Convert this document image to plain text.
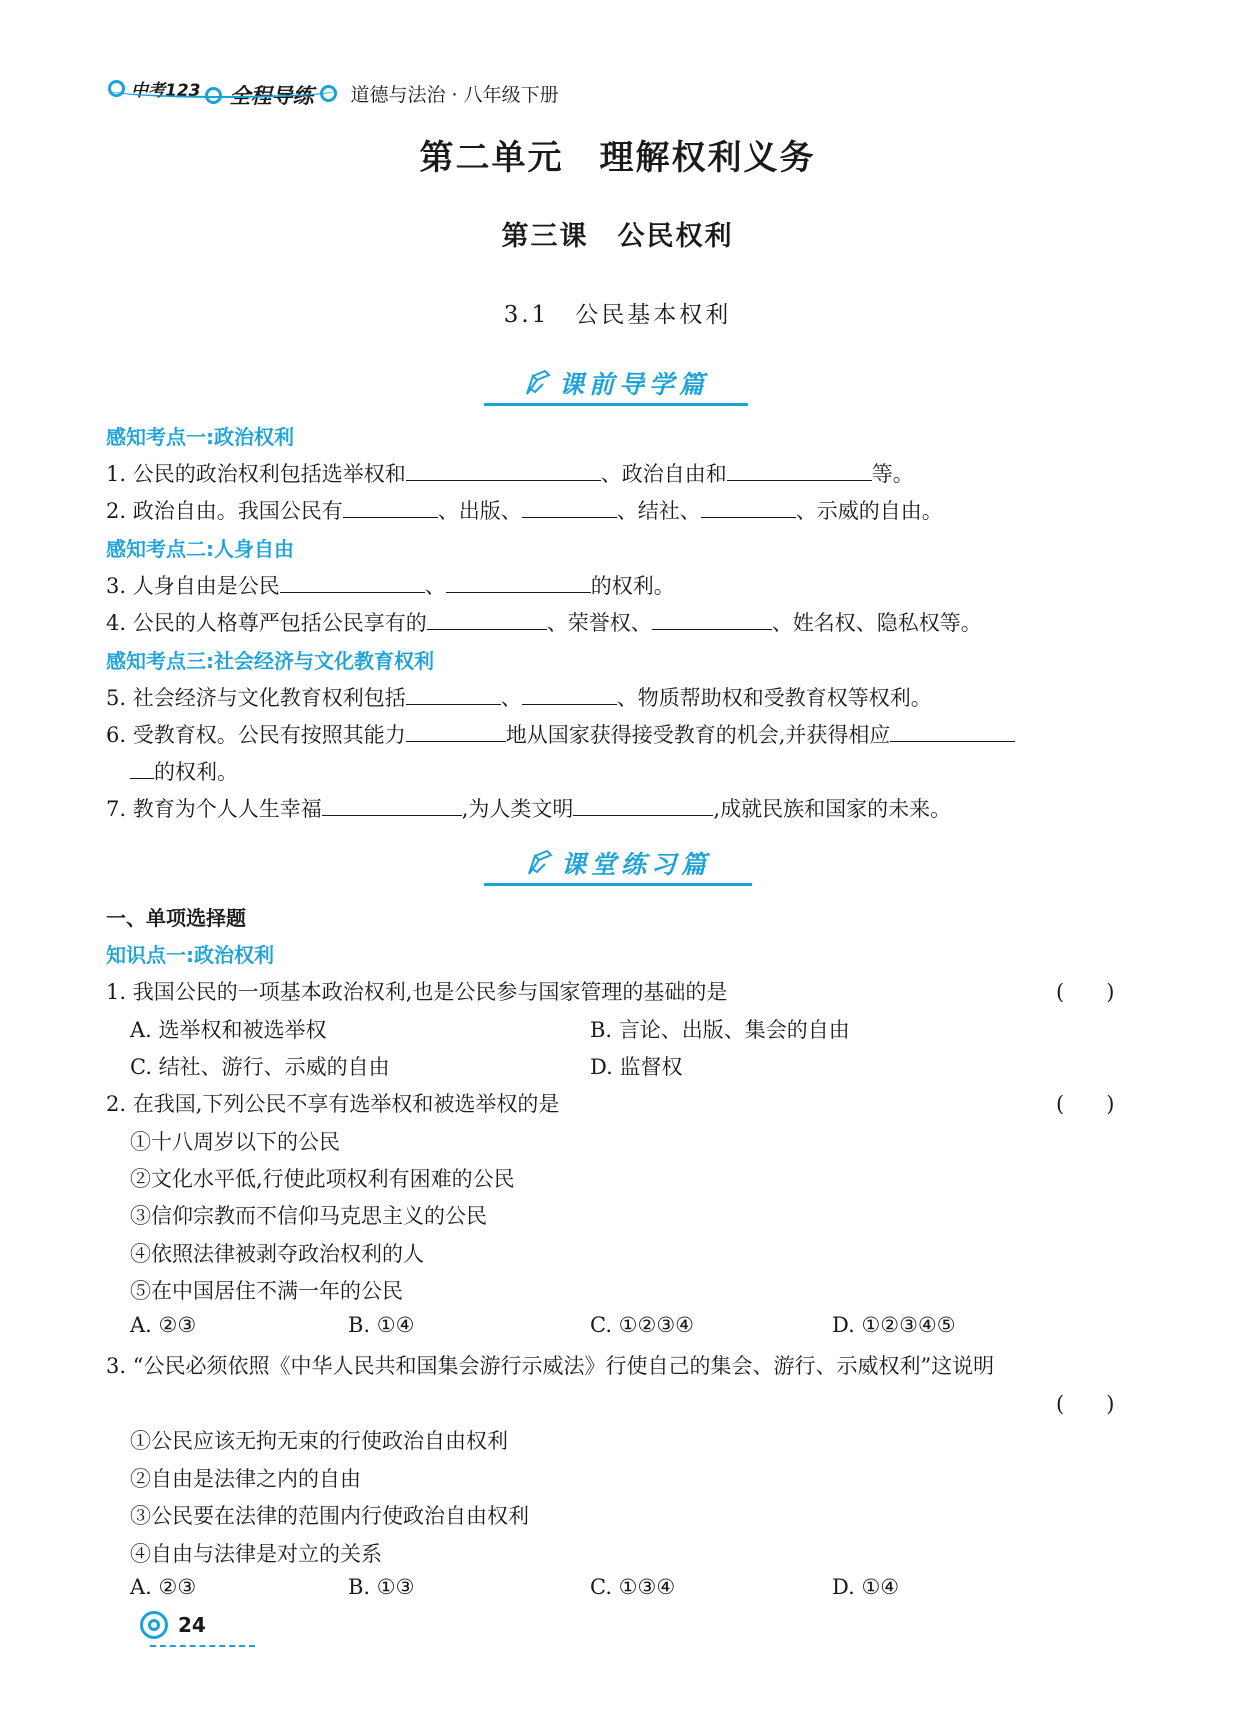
中考123 全程导练 道德与法治 · 八年级下册
第二单元　理解权利义务
第三课　公民权利
3.1　公民基本权利
课前导学篇
感知考点一:政治权利
1. 公民的政治权利包括选举权和	、政治自由和	等。
2. 政治自由。我国公民有	、出版、	、结社、	、示威的自由。
感知考点二:人身自由
3. 人身自由是公民	、	的权利。
4. 公民的人格尊严包括公民享有的	、荣誉权、	、姓名权、隐私权等。
感知考点三:社会经济与文化教育权利
5. 社会经济与文化教育权利包括	、	、物质帮助权和受教育权等权利。
6. 受教育权。公民有按照其能力	地从国家获得接受教育的机会,并获得相应
的权利。
7. 教育为个人人生幸福	,为人类文明	,成就民族和国家的未来。
课堂练习篇
一、单项选择题
知识点一:政治权利
1. 我国公民的一项基本政治权利,也是公民参与国家管理的基础的是	(　　)
A. 选举权和被选举权	B. 言论、出版、集会的自由
C. 结社、游行、示威的自由	D. 监督权
2. 在我国,下列公民不享有选举权和被选举权的是	(　　)
①十八周岁以下的公民
②文化水平低,行使此项权利有困难的公民
③信仰宗教而不信仰马克思主义的公民
④依照法律被剥夺政治权利的人
⑤在中国居住不满一年的公民
A. ②③	B. ①④	C. ①②③④	D. ①②③④⑤
3. “公民必须依照《中华人民共和国集会游行示威法》行使自己的集会、游行、示威权利”这说明
(　　)
①公民应该无拘无束的行使政治自由权利
②自由是法律之内的自由
③公民要在法律的范围内行使政治自由权利
④自由与法律是对立的关系
A. ②③	B. ①③	C. ①③④	D. ①④
24
